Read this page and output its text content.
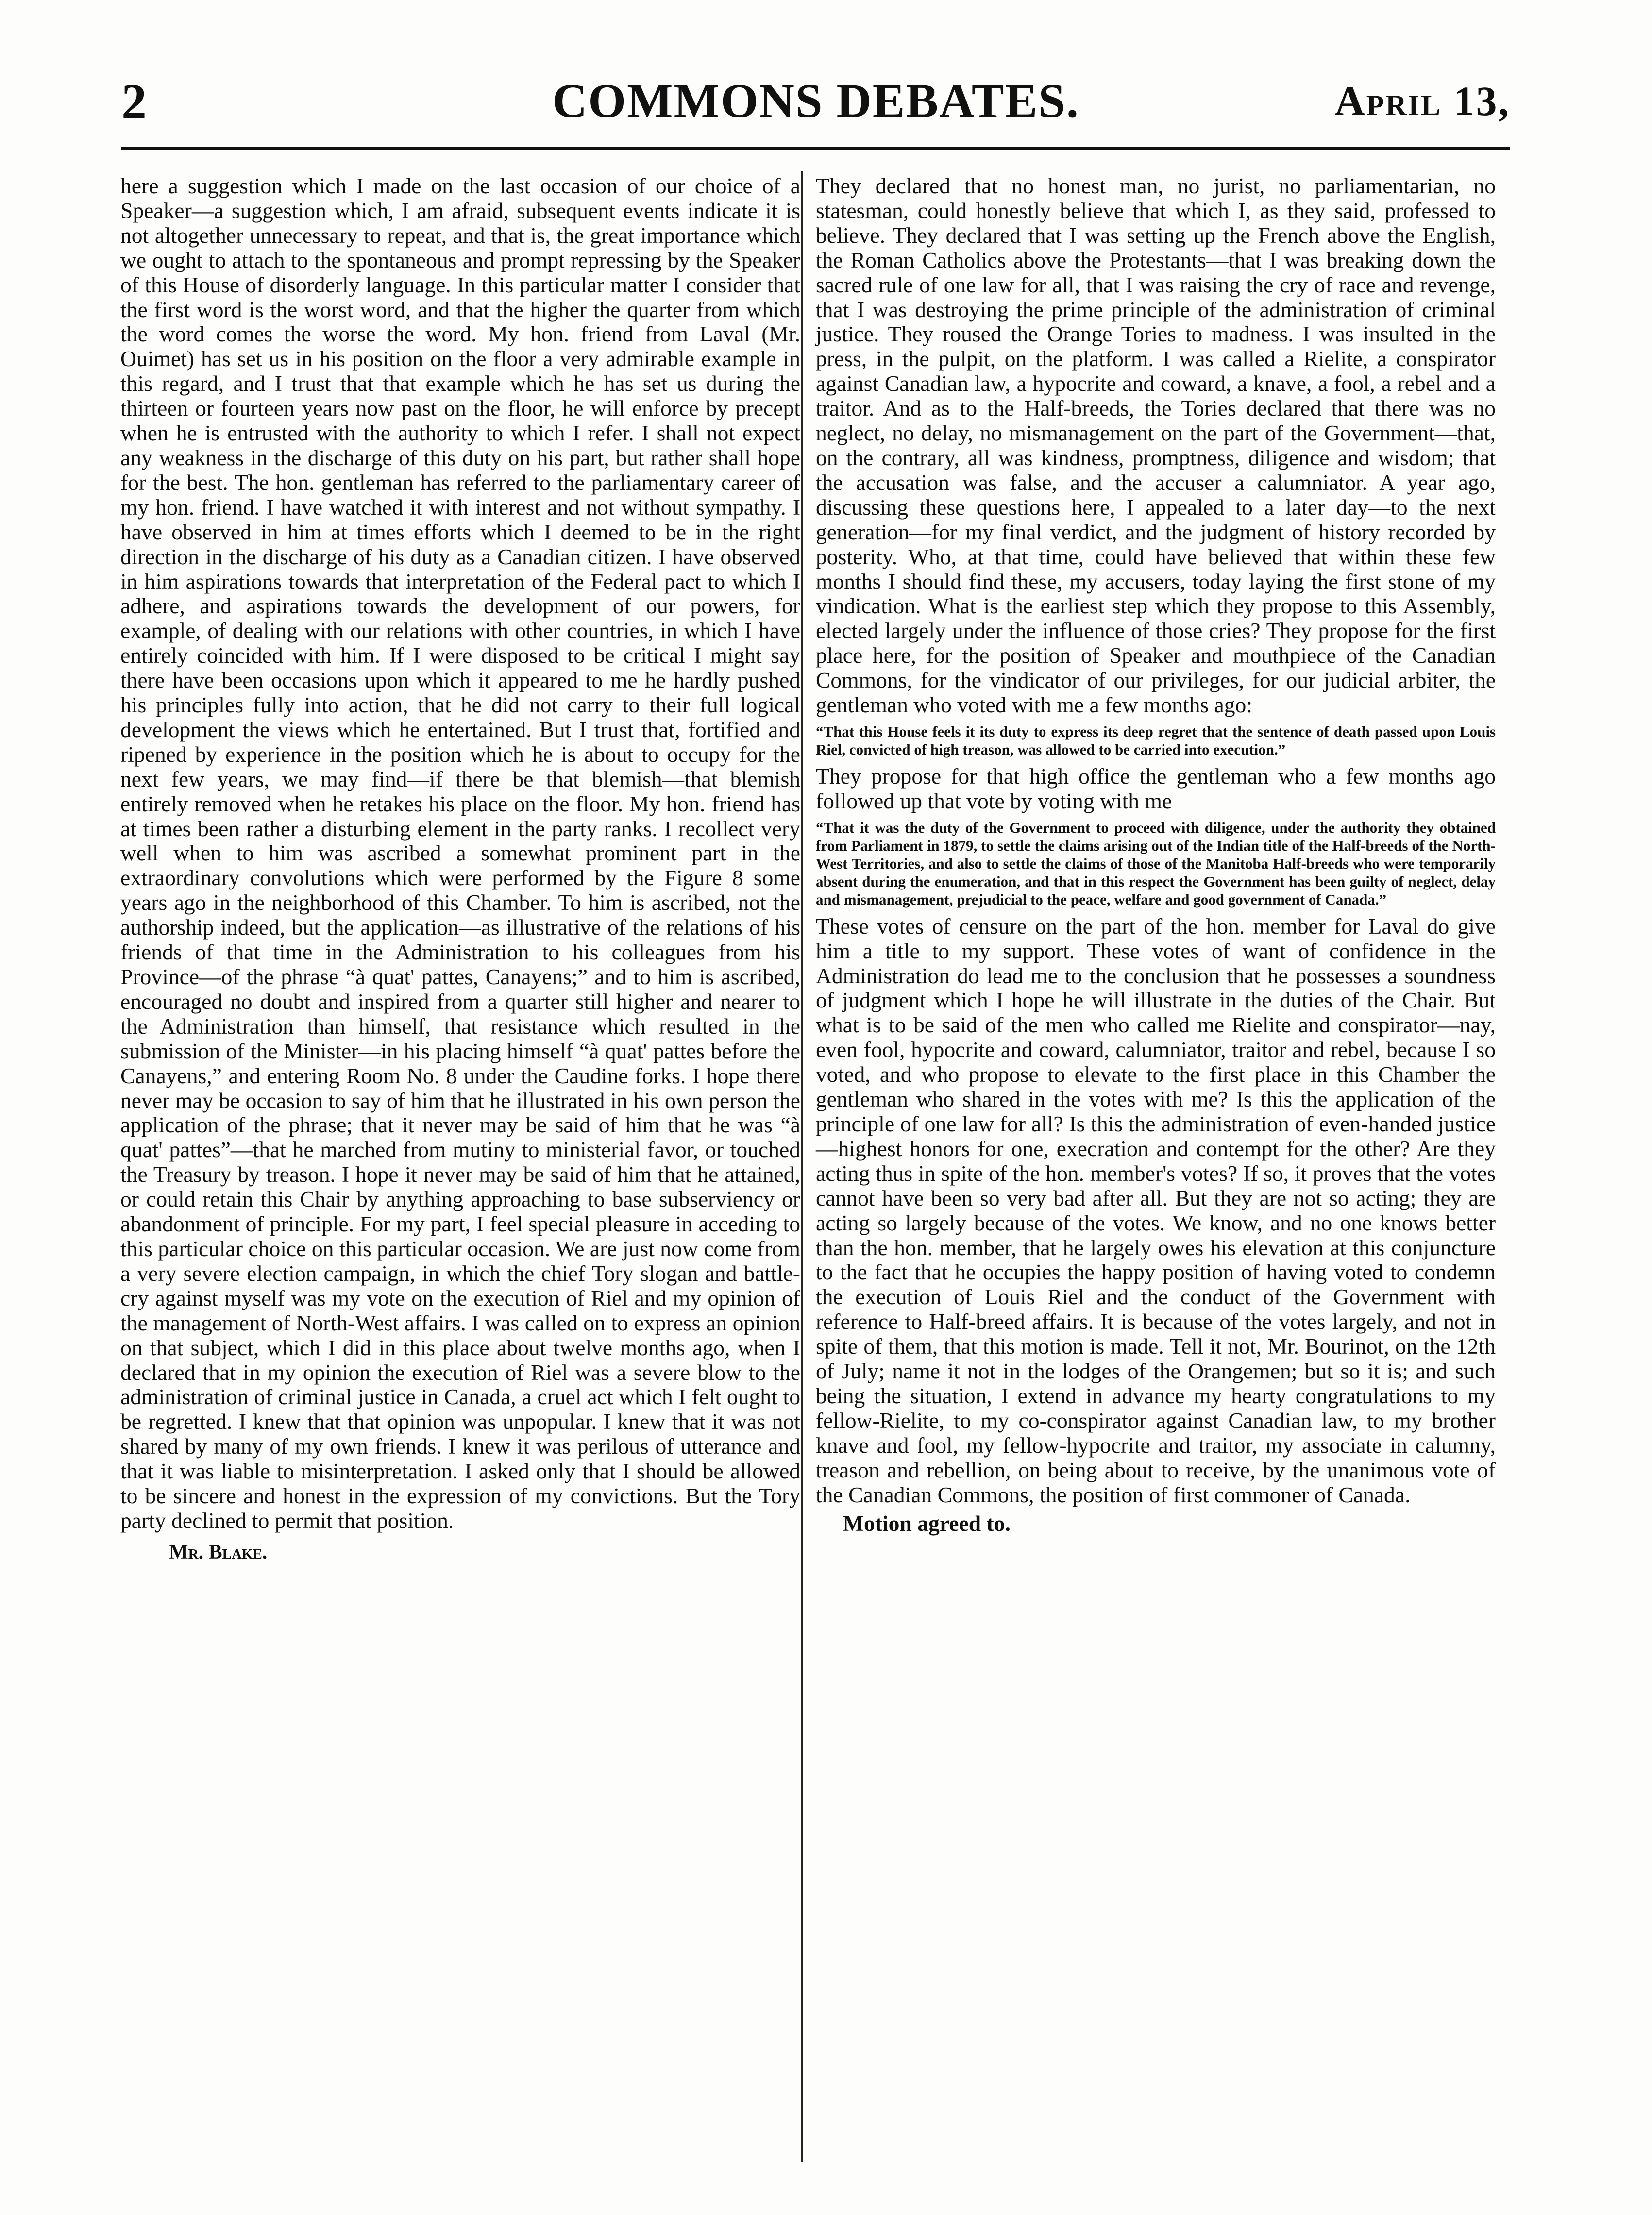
2	COMMONS DEBATES.	April 13,

here a suggestion which I made on the last occasion of our choice of a Speaker—a suggestion which, I am afraid, subsequent events indicate it is not altogether unnecessary to repeat, and that is, the great importance which we ought to attach to the spontaneous and prompt repressing by the Speaker of this House of disorderly language. In this particular matter I consider that the first word is the worst word, and that the higher the quarter from which the word comes the worse the word. My hon. friend from Laval (Mr. Ouimet) has set us in his position on the floor a very admirable example in this regard, and I trust that that example which he has set us during the thirteen or fourteen years now past on the floor, he will enforce by precept when he is entrusted with the authority to which I refer. I shall not expect any weakness in the discharge of this duty on his part, but rather shall hope for the best. The hon. gentleman has referred to the parliamentary career of my hon. friend. I have watched it with interest and not without sympathy. I have observed in him at times efforts which I deemed to be in the right direction in the discharge of his duty as a Canadian citizen. I have observed in him aspirations towards that interpretation of the Federal pact to which I adhere, and aspirations towards the development of our powers, for example, of dealing with our relations with other countries, in which I have entirely coincided with him. If I were disposed to be critical I might say there have been occasions upon which it appeared to me he hardly pushed his principles fully into action, that he did not carry to their full logical development the views which he entertained. But I trust that, fortified and ripened by experience in the position which he is about to occupy for the next few years, we may find—if there be that blemish—that blemish entirely removed when he retakes his place on the floor. My hon. friend has at times been rather a disturbing element in the party ranks. I recollect very well when to him was ascribed a somewhat prominent part in the extraordinary convolutions which were performed by the Figure 8 some years ago in the neighborhood of this Chamber. To him is ascribed, not the authorship indeed, but the application—as illustrative of the relations of his friends of that time in the Administration to his colleagues from his Province—of the phrase “à quat' pattes, Canayens;” and to him is ascribed, encouraged no doubt and inspired from a quarter still higher and nearer to the Administration than himself, that resistance which resulted in the submission of the Minister—in his placing himself “à quat' pattes before the Canayens,” and entering Room No. 8 under the Caudine forks. I hope there never may be occasion to say of him that he illustrated in his own person the application of the phrase; that it never may be said of him that he was “à quat' pattes”—that he marched from mutiny to ministerial favor, or touched the Treasury by treason. I hope it never may be said of him that he attained, or could retain this Chair by anything approaching to base subserviency or abandonment of principle. For my part, I feel special pleasure in acceding to this particular choice on this particular occasion. We are just now come from a very severe election campaign, in which the chief Tory slogan and battle-cry against myself was my vote on the execution of Riel and my opinion of the management of North-West affairs. I was called on to express an opinion on that subject, which I did in this place about twelve months ago, when I declared that in my opinion the execution of Riel was a severe blow to the administration of criminal justice in Canada, a cruel act which I felt ought to be regretted. I knew that that opinion was unpopular. I knew that it was not shared by many of my own friends. I knew it was perilous of utterance and that it was liable to misinterpretation. I asked only that I should be allowed to be sincere and honest in the expression of my convictions. But the Tory party declined to permit that position.

Mr. Blake.

They declared that no honest man, no jurist, no parliamentarian, no statesman, could honestly believe that which I, as they said, professed to believe. They declared that I was setting up the French above the English, the Roman Catholics above the Protestants—that I was breaking down the sacred rule of one law for all, that I was raising the cry of race and revenge, that I was destroying the prime principle of the administration of criminal justice. They roused the Orange Tories to madness. I was insulted in the press, in the pulpit, on the platform. I was called a Rielite, a conspirator against Canadian law, a hypocrite and coward, a knave, a fool, a rebel and a traitor. And as to the Half-breeds, the Tories declared that there was no neglect, no delay, no mismanagement on the part of the Government—that, on the contrary, all was kindness, promptness, diligence and wisdom; that the accusation was false, and the accuser a calumniator. A year ago, discussing these questions here, I appealed to a later day—to the next generation—for my final verdict, and the judgment of history recorded by posterity. Who, at that time, could have believed that within these few months I should find these, my accusers, today laying the first stone of my vindication. What is the earliest step which they propose to this Assembly, elected largely under the influence of those cries? They propose for the first place here, for the position of Speaker and mouthpiece of the Canadian Commons, for the vindicator of our privileges, for our judicial arbiter, the gentleman who voted with me a few months ago:

“That this House feels it its duty to express its deep regret that the sentence of death passed upon Louis Riel, convicted of high treason, was allowed to be carried into execution.”

They propose for that high office the gentleman who a few months ago followed up that vote by voting with me

“That it was the duty of the Government to proceed with diligence, under the authority they obtained from Parliament in 1879, to settle the claims arising out of the Indian title of the Half-breeds of the North-West Territories, and also to settle the claims of those of the Manitoba Half-breeds who were temporarily absent during the enumeration, and that in this respect the Government has been guilty of neglect, delay and mismanagement, prejudicial to the peace, welfare and good government of Canada.”

These votes of censure on the part of the hon. member for Laval do give him a title to my support. These votes of want of confidence in the Administration do lead me to the conclusion that he possesses a soundness of judgment which I hope he will illustrate in the duties of the Chair. But what is to be said of the men who called me Rielite and conspirator—nay, even fool, hypocrite and coward, calumniator, traitor and rebel, because I so voted, and who propose to elevate to the first place in this Chamber the gentleman who shared in the votes with me? Is this the application of the principle of one law for all? Is this the administration of even-handed justice—highest honors for one, execration and contempt for the other? Are they acting thus in spite of the hon. member's votes? If so, it proves that the votes cannot have been so very bad after all. But they are not so acting; they are acting so largely because of the votes. We know, and no one knows better than the hon. member, that he largely owes his elevation at this conjuncture to the fact that he occupies the happy position of having voted to condemn the execution of Louis Riel and the conduct of the Government with reference to Half-breed affairs. It is because of the votes largely, and not in spite of them, that this motion is made. Tell it not, Mr. Bourinot, on the 12th of July; name it not in the lodges of the Orangemen; but so it is; and such being the situation, I extend in advance my hearty congratulations to my fellow-Rielite, to my co-conspirator against Canadian law, to my brother knave and fool, my fellow-hypocrite and traitor, my associate in calumny, treason and rebellion, on being about to receive, by the unanimous vote of the Canadian Commons, the position of first commoner of Canada.

Motion agreed to.
